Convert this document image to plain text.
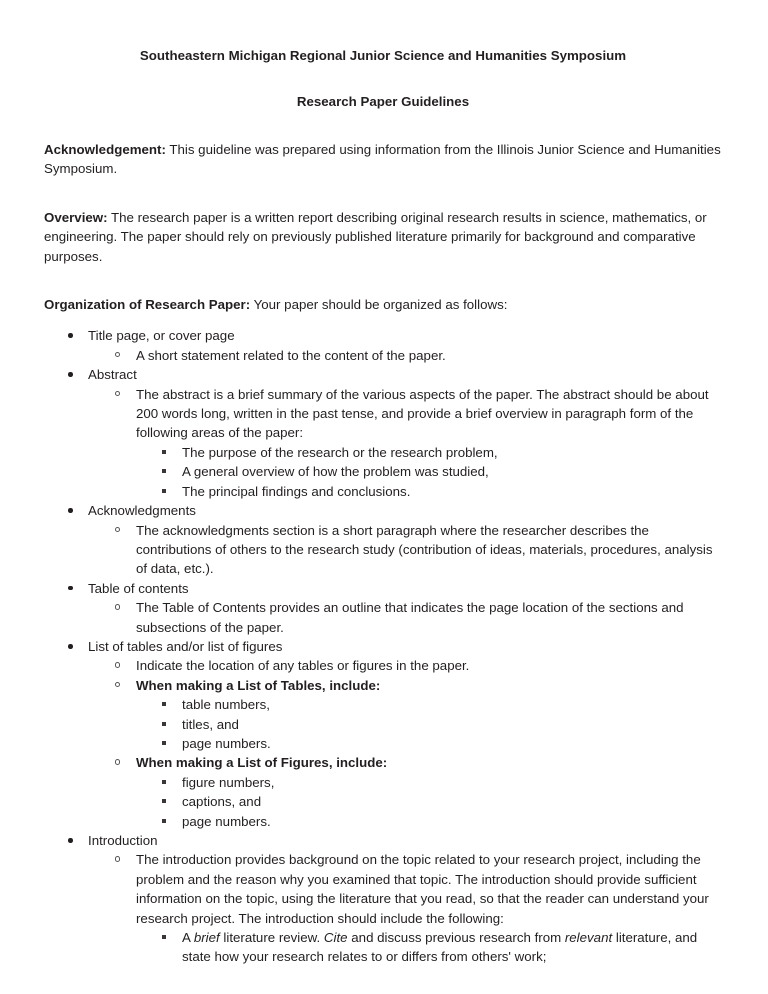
Southeastern Michigan Regional Junior Science and Humanities Symposium
Research Paper Guidelines
Acknowledgement: This guideline was prepared using information from the Illinois Junior Science and Humanities Symposium.
Overview: The research paper is a written report describing original research results in science, mathematics, or engineering. The paper should rely on previously published literature primarily for background and comparative purposes.
Organization of Research Paper: Your paper should be organized as follows:
Title page, or cover page
A short statement related to the content of the paper.
Abstract
The abstract is a brief summary of the various aspects of the paper. The abstract should be about 200 words long, written in the past tense, and provide a brief overview in paragraph form of the following areas of the paper:
The purpose of the research or the research problem,
A general overview of how the problem was studied,
The principal findings and conclusions.
Acknowledgments
The acknowledgments section is a short paragraph where the researcher describes the contributions of others to the research study (contribution of ideas, materials, procedures, analysis of data, etc.).
Table of contents
The Table of Contents provides an outline that indicates the page location of the sections and subsections of the paper.
List of tables and/or list of figures
Indicate the location of any tables or figures in the paper.
When making a List of Tables, include:
table numbers,
titles, and
page numbers.
When making a List of Figures, include:
figure numbers,
captions, and
page numbers.
Introduction
The introduction provides background on the topic related to your research project, including the problem and the reason why you examined that topic. The introduction should provide sufficient information on the topic, using the literature that you read, so that the reader can understand your research project. The introduction should include the following:
A brief literature review. Cite and discuss previous research from relevant literature, and state how your research relates to or differs from others' work;
